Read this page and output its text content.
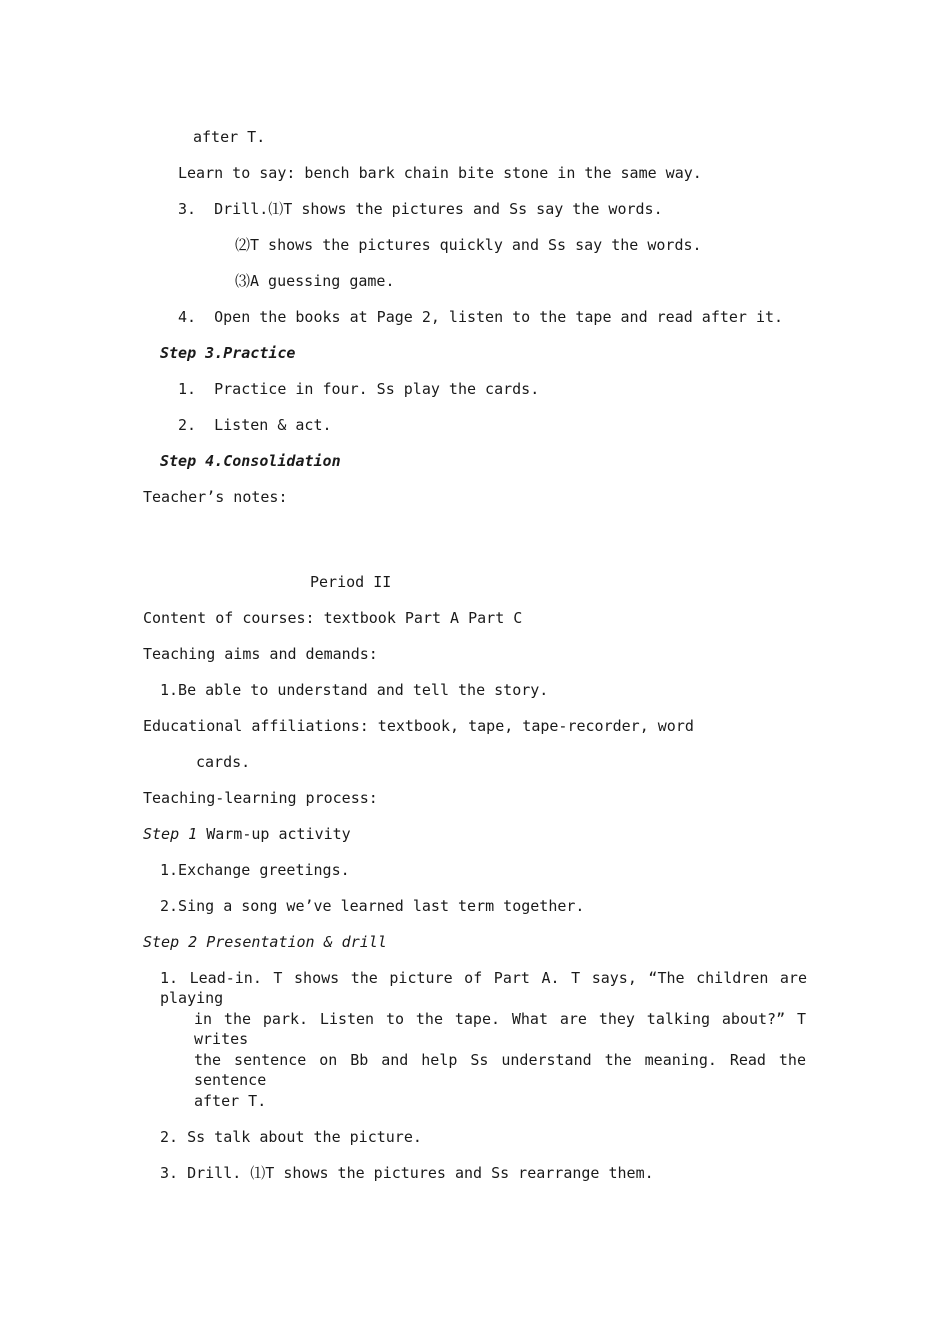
after T.
Learn to say: bench bark chain bite stone in the same way.
3.  Drill.⑴T shows the pictures and Ss say the words.
⑵T shows the pictures quickly and Ss say the words.
⑶A guessing game.
4.  Open the books at Page 2, listen to the tape and read after it.
Step 3.Practice
1.  Practice in four. Ss play the cards.
2.  Listen & act.
Step 4.Consolidation
Teacher’s notes:
Period II
Content of courses: textbook Part A Part C
Teaching aims and demands:
1.Be able to understand and tell the story.
Educational affiliations: textbook, tape, tape-recorder, word
cards.
Teaching-learning process:
Step 1 Warm-up activity
1.Exchange greetings.
2.Sing a song we’ve learned last term together.
Step 2 Presentation & drill
1. Lead-in. T shows the picture of Part A. T says, “The children are playing
in the park. Listen to the tape. What are they talking about?” T writes
the sentence on Bb and help Ss understand the meaning. Read the sentence
after T.
2. Ss talk about the picture.
3. Drill. ⑴T shows the pictures and Ss rearrange them.
